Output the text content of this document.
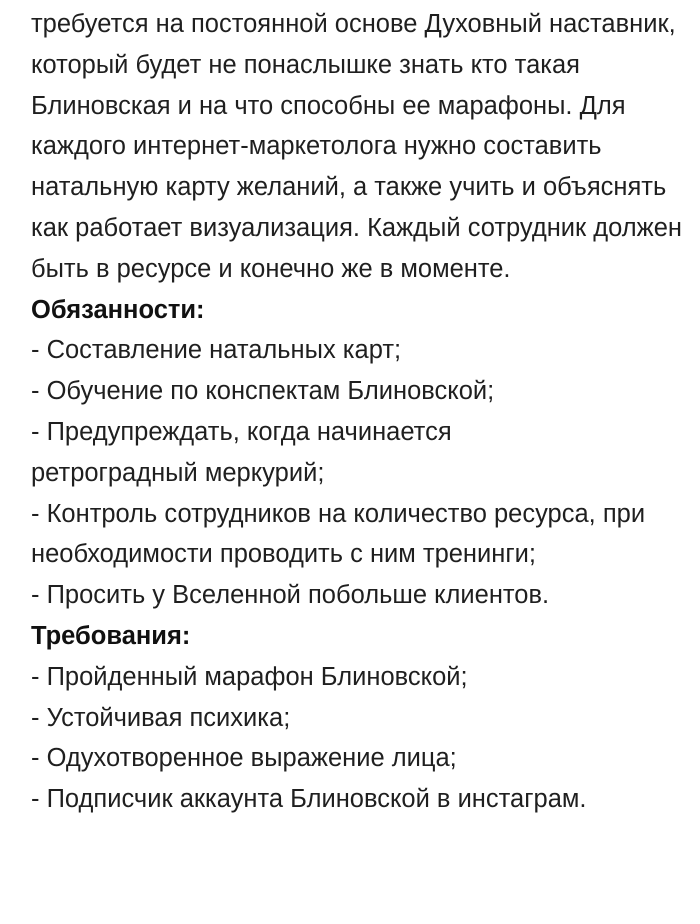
требуется на постоянной основе Духовный наставник, который будет не понаслышке знать кто такая Блиновская и на что способны ее марафоны. Для каждого интернет-маркетолога нужно составить натальную карту желаний, а также учить и объяснять как работает визуализация. Каждый сотрудник должен быть в ресурсе и конечно же в моменте.

Обязанности:

- Составление натальных карт;

- Обучение по конспектам Блиновской;

- Предупреждать, когда начинается ретроградный меркурий;

- Контроль сотрудников на количество ресурса, при необходимости проводить с ним тренинги;

- Просить у Вселенной побольше клиентов.

Требования:

- Пройденный марафон Блиновской;

- Устойчивая психика;

- Одухотворенное выражение лица;

- Подписчик аккаунта Блиновской в инстаграм.
